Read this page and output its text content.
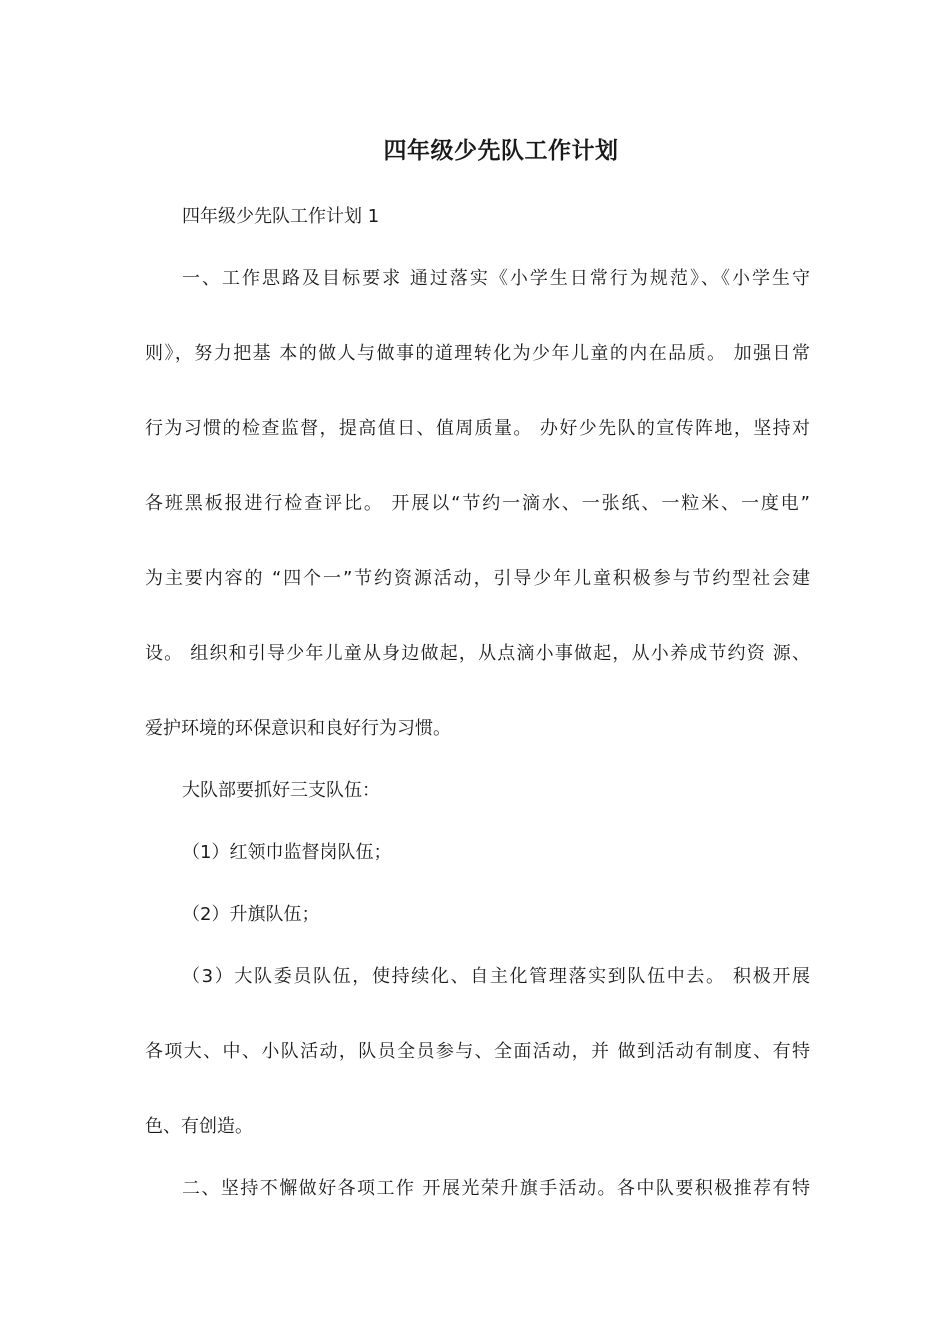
四年级少先队工作计划

四年级少先队工作计划 1

一、工作思路及目标要求 通过落实《小学生日常行为规范》、《小学生守

则》，努力把基 本的做人与做事的道理转化为少年儿童的内在品质。 加强日常

行为习惯的检查监督，提高值日、值周质量。 办好少先队的宣传阵地，坚持对

各班黑板报进行检查评比。 开展以“节约一滴水、一张纸、一粒米、一度电”

为主要内容的 “四个一”节约资源活动，引导少年儿童积极参与节约型社会建

设。 组织和引导少年儿童从身边做起，从点滴小事做起，从小养成节约资 源、

爱护环境的环保意识和良好行为习惯。

大队部要抓好三支队伍：

（1）红领巾监督岗队伍；

（2）升旗队伍；

（3）大队委员队伍，使持续化、自主化管理落实到队伍中去。 积极开展

各项大、中、小队活动，队员全员参与、全面活动，并 做到活动有制度、有特

色、有创造。

二、坚持不懈做好各项工作 开展光荣升旗手活动。各中队要积极推荐有特
